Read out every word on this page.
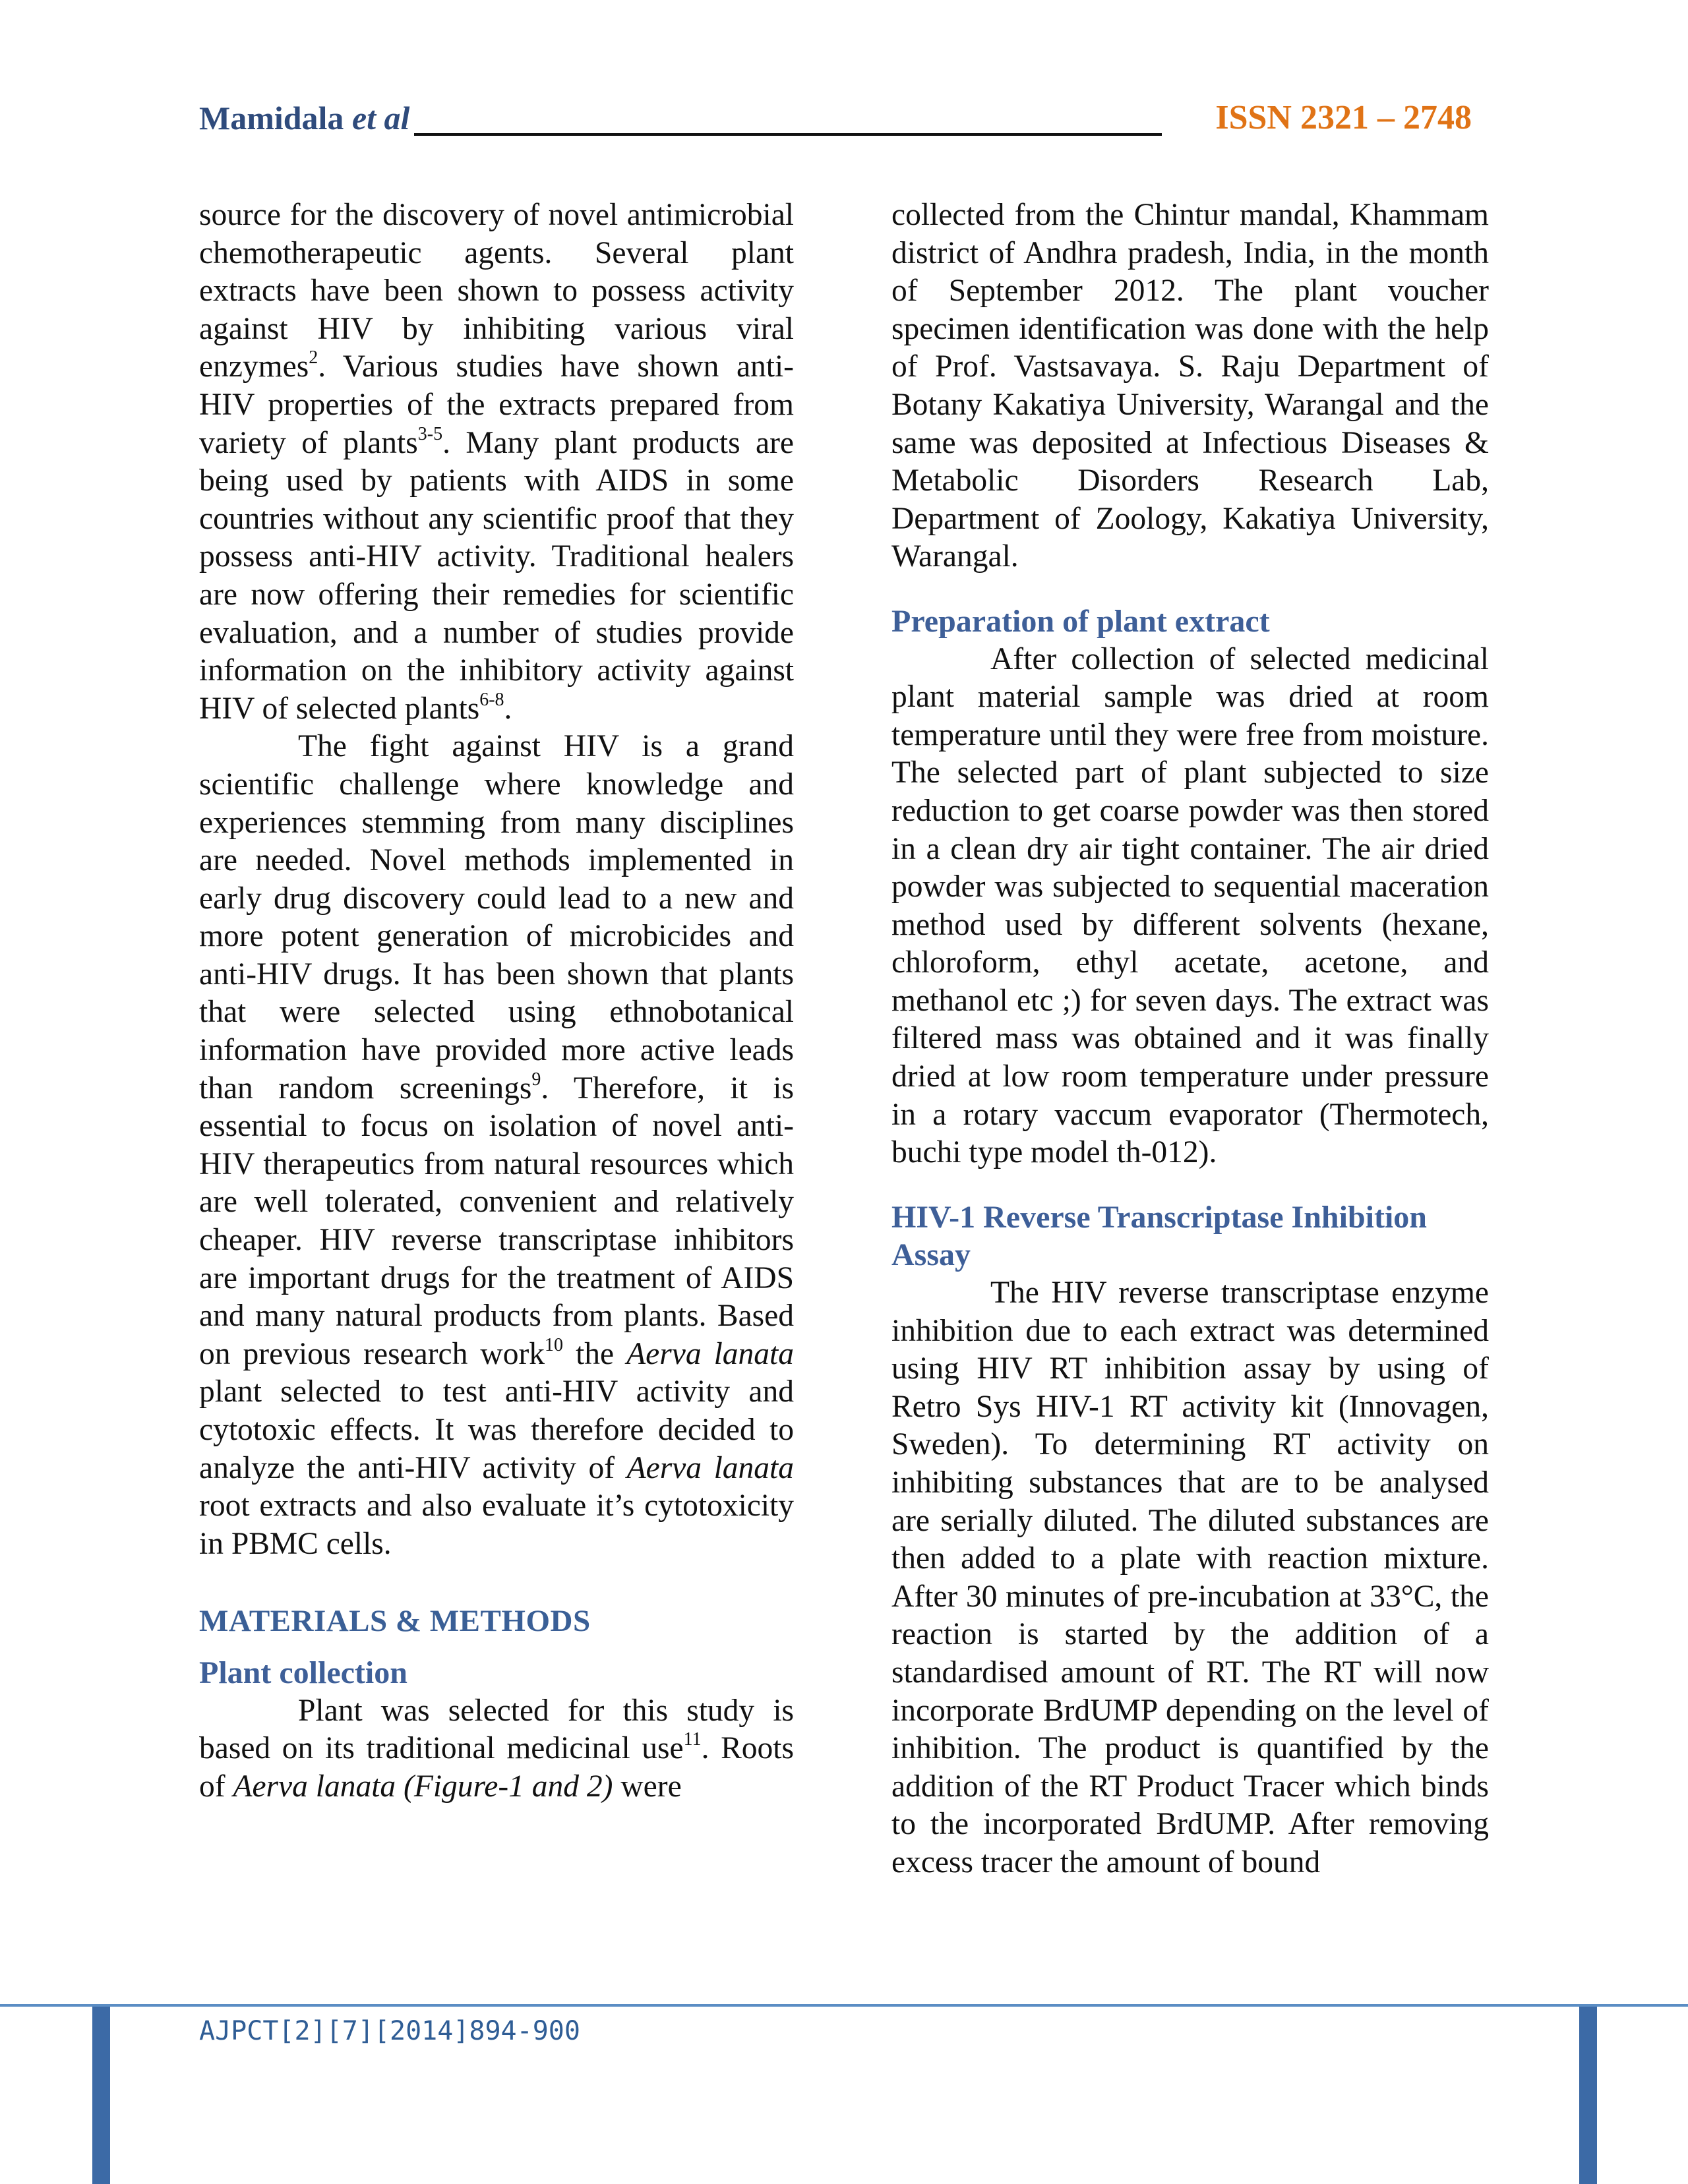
Mamidala et al	ISSN 2321 – 2748

source for the discovery of novel antimicrobial chemotherapeutic agents. Several plant extracts have been shown to possess activity against HIV by inhibiting various viral enzymes$^2$. Various studies have shown anti-HIV properties of the extracts prepared from variety of plants$^{3-5}$. Many plant products are being used by patients with AIDS in some countries without any scientific proof that they possess anti-HIV activity. Traditional healers are now offering their remedies for scientific evaluation, and a number of studies provide information on the inhibitory activity against HIV of selected plants$^{6-8}$.

The fight against HIV is a grand scientific challenge where knowledge and experiences stemming from many disciplines are needed. Novel methods implemented in early drug discovery could lead to a new and more potent generation of microbicides and anti-HIV drugs. It has been shown that plants that were selected using ethnobotanical information have provided more active leads than random screenings$^9$. Therefore, it is essential to focus on isolation of novel anti-HIV therapeutics from natural resources which are well tolerated, convenient and relatively cheaper. HIV reverse transcriptase inhibitors are important drugs for the treatment of AIDS and many natural products from plants. Based on previous research work$^{10}$ the Aerva lanata plant selected to test anti-HIV activity and cytotoxic effects. It was therefore decided to analyze the anti-HIV activity of Aerva lanata root extracts and also evaluate it’s cytotoxicity in PBMC cells.

MATERIALS & METHODS
Plant collection

Plant was selected for this study is based on its traditional medicinal use$^{11}$. Roots of Aerva lanata (Figure-1 and 2) were

collected from the Chintur mandal, Khammam district of Andhra pradesh, India, in the month of September 2012. The plant voucher specimen identification was done with the help of Prof. Vastsavaya. S. Raju Department of Botany Kakatiya University, Warangal and the same was deposited at Infectious Diseases & Metabolic Disorders Research Lab, Department of Zoology, Kakatiya University, Warangal.

Preparation of plant extract

After collection of selected medicinal plant material sample was dried at room temperature until they were free from moisture. The selected part of plant subjected to size reduction to get coarse powder was then stored in a clean dry air tight container. The air dried powder was subjected to sequential maceration method used by different solvents (hexane, chloroform, ethyl acetate, acetone, and methanol etc ;) for seven days. The extract was filtered mass was obtained and it was finally dried at low room temperature under pressure in a rotary vaccum evaporator (Thermotech, buchi type model th-012).

HIV-1 Reverse Transcriptase Inhibition Assay

The HIV reverse transcriptase enzyme inhibition due to each extract was determined using HIV RT inhibition assay by using of Retro Sys HIV-1 RT activity kit (Innovagen, Sweden). To determining RT activity on inhibiting substances that are to be analysed are serially diluted. The diluted substances are then added to a plate with reaction mixture. After 30 minutes of pre-incubation at 33°C, the reaction is started by the addition of a standardised amount of RT. The RT will now incorporate BrdUMP depending on the level of inhibition. The product is quantified by the addition of the RT Product Tracer which binds to the incorporated BrdUMP. After removing excess tracer the amount of bound

AJPCT[2][7][2014]894-900
